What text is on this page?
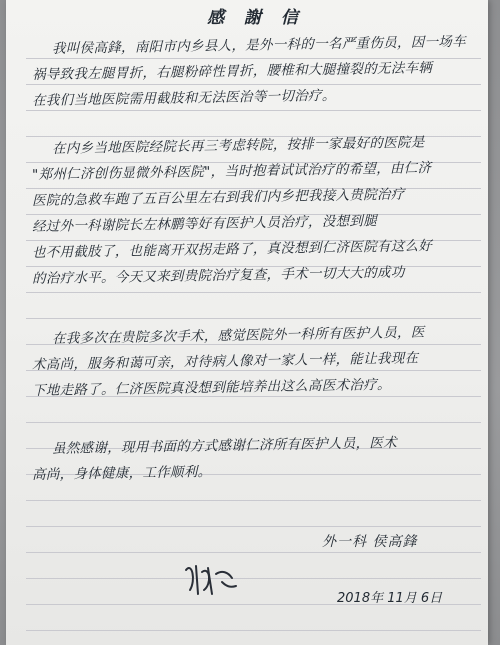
感 謝 信
我叫侯高鋒，南阳市内乡县人，是外一科的一名严重伤员，因一场车
祸导致我左腿胃折，右腿粉碎性胃折，腰椎和大腿撞裂的无法车辆
在我们当地医院需用截肢和无法医治等一切治疗。
在内乡当地医院经院长再三考虑转院，按排一家最好的医院是
"郑州仁济创伤显微外科医院"，当时抱着试试治疗的希望，由仁济
医院的急救车跑了五百公里左右到我们内乡把我接入贵院治疗
经过外一科谢院长左林鹏等好有医护人员治疗，没想到腿
也不用截肢了，也能离开双拐走路了，真没想到仁济医院有这么好
的治疗水平。今天又来到贵院治疗复查，手术一切大大的成功
在我多次在贵院多次手术，感觉医院外一科所有医护人员，医
术高尚，服务和蔼可亲，对待病人像对一家人一样，能让我现在
下地走路了。仁济医院真没想到能培养出这么高医术治疗。
虽然感谢，现用书面的方式感谢仁济所有医护人员，医术
高尚，身体健康，工作顺利。
外一科 侯高鋒
2018年 11月 6日
